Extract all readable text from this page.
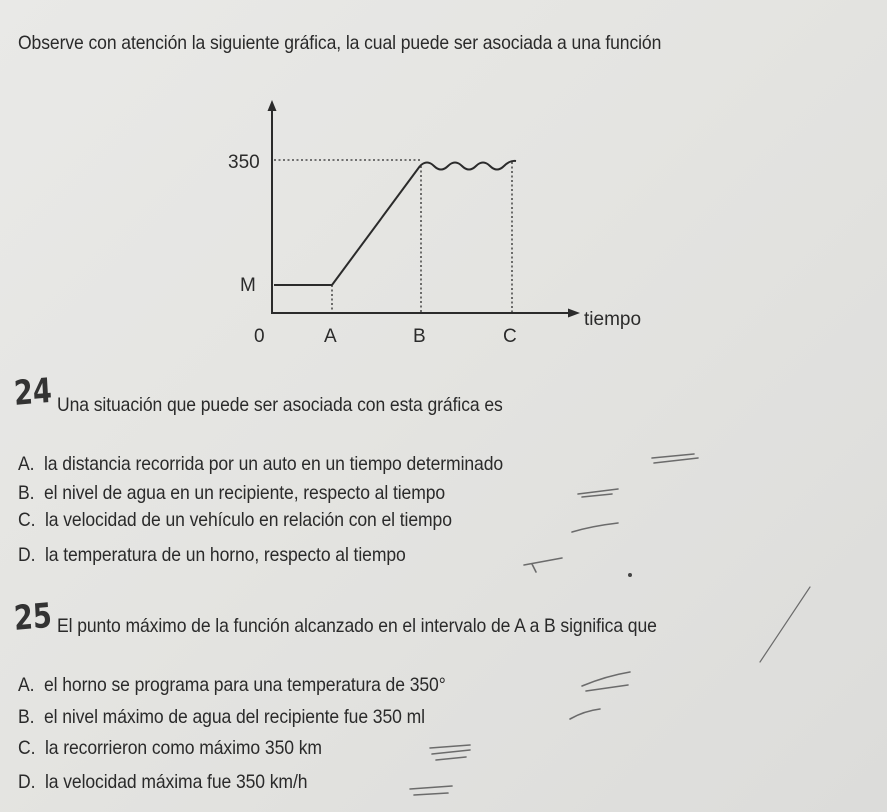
Observe con atención la siguiente gráfica, la cual puede ser asociada a una función
350
M
0	A	B	C
tiempo
24 Una situación que puede ser asociada con esta gráfica es
A. la distancia recorrida por un auto en un tiempo determinado
B. el nivel de agua en un recipiente, respecto al tiempo
C. la velocidad de un vehículo en relación con el tiempo
D. la temperatura de un horno, respecto al tiempo
25 El punto máximo de la función alcanzado en el intervalo de A a B significa que
A. el horno se programa para una temperatura de 350°
B. el nivel máximo de agua del recipiente fue 350 ml
C. la recorrieron como máximo 350 km
D. la velocidad máxima fue 350 km/h
